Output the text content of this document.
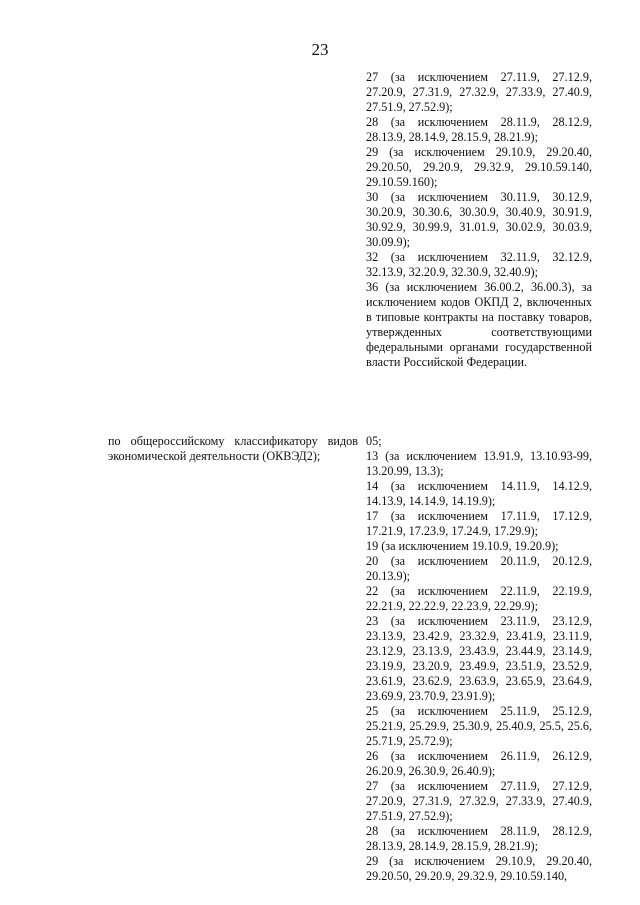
23

27 (за исключением 27.11.9, 27.12.9, 27.20.9, 27.31.9, 27.32.9, 27.33.9, 27.40.9, 27.51.9, 27.52.9);

28 (за исключением 28.11.9, 28.12.9, 28.13.9, 28.14.9, 28.15.9, 28.21.9);

29 (за исключением 29.10.9, 29.20.40, 29.20.50, 29.20.9, 29.32.9, 29.10.59.140, 29.10.59.160);

30 (за исключением 30.11.9, 30.12.9, 30.20.9, 30.30.6, 30.30.9, 30.40.9, 30.91.9, 30.92.9, 30.99.9, 31.01.9, 30.02.9, 30.03.9, 30.09.9);

32 (за исключением 32.11.9, 32.12.9, 32.13.9, 32.20.9, 32.30.9, 32.40.9);

36 (за исключением 36.00.2, 36.00.3), за исключением кодов ОКПД 2, включенных в типовые контракты на поставку товаров, утвержденных соответствующими федеральными органами государственной власти Российской Федерации.

по общероссийскому классификатору видов экономической деятельности (ОКВЭД2);

05;

13 (за исключением 13.91.9, 13.10.93-99, 13.20.99, 13.3);

14 (за исключением 14.11.9, 14.12.9, 14.13.9, 14.14.9, 14.19.9);

17 (за исключением 17.11.9, 17.12.9, 17.21.9, 17.23.9, 17.24.9, 17.29.9);

19 (за исключением 19.10.9, 19.20.9);

20 (за исключением 20.11.9, 20.12.9, 20.13.9);

22 (за исключением 22.11.9, 22.19.9, 22.21.9, 22.22.9, 22.23.9, 22.29.9);

23 (за исключением 23.11.9, 23.12.9, 23.13.9, 23.42.9, 23.32.9, 23.41.9, 23.11.9, 23.12.9, 23.13.9, 23.43.9, 23.44.9, 23.14.9, 23.19.9, 23.20.9, 23.49.9, 23.51.9, 23.52.9, 23.61.9, 23.62.9, 23.63.9, 23.65.9, 23.64.9, 23.69.9, 23.70.9, 23.91.9);

25 (за исключением 25.11.9, 25.12.9, 25.21.9, 25.29.9, 25.30.9, 25.40.9, 25.5, 25.6, 25.71.9, 25.72.9);

26 (за исключением 26.11.9, 26.12.9, 26.20.9, 26.30.9, 26.40.9);

27 (за исключением 27.11.9, 27.12.9, 27.20.9, 27.31.9, 27.32.9, 27.33.9, 27.40.9, 27.51.9, 27.52.9);

28 (за исключением 28.11.9, 28.12.9, 28.13.9, 28.14.9, 28.15.9, 28.21.9);

29 (за исключением 29.10.9, 29.20.40, 29.20.50, 29.20.9, 29.32.9, 29.10.59.140,
